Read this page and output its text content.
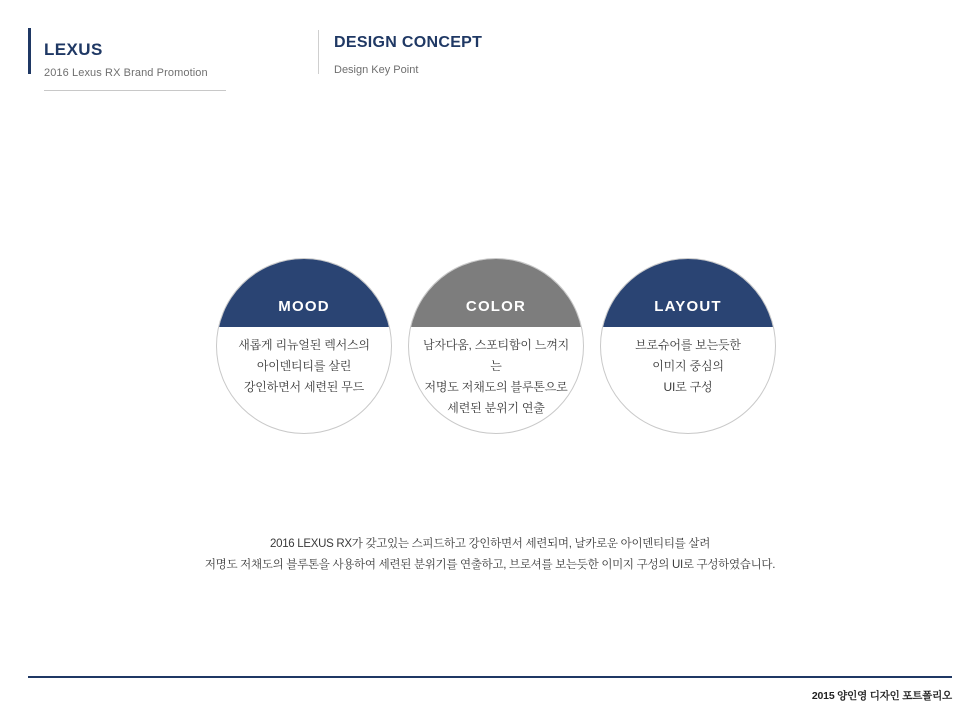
LEXUS
2016 Lexus RX Brand Promotion
DESIGN CONCEPT
Design Key Point
MOOD
새롭게 리뉴얼된 렉서스의
아이덴티티를 살린
강인하면서 세련된 무드
COLOR
남자다움, 스포티함이 느껴지는
저명도 저채도의 블루톤으로
세련된 분위기 연출
LAYOUT
브로슈어를 보는듯한
이미지 중심의
UI로 구성
2016 LEXUS RX가 갖고있는 스피드하고 강인하면서 세련되며, 날카로운 아이덴티티를 살려
저명도 저채도의 블루톤을 사용하여 세련된 분위기를 연출하고, 브로셔를 보는듯한 이미지 구성의 UI로 구성하였습니다.
2015 양인영 디자인 포트폴리오
